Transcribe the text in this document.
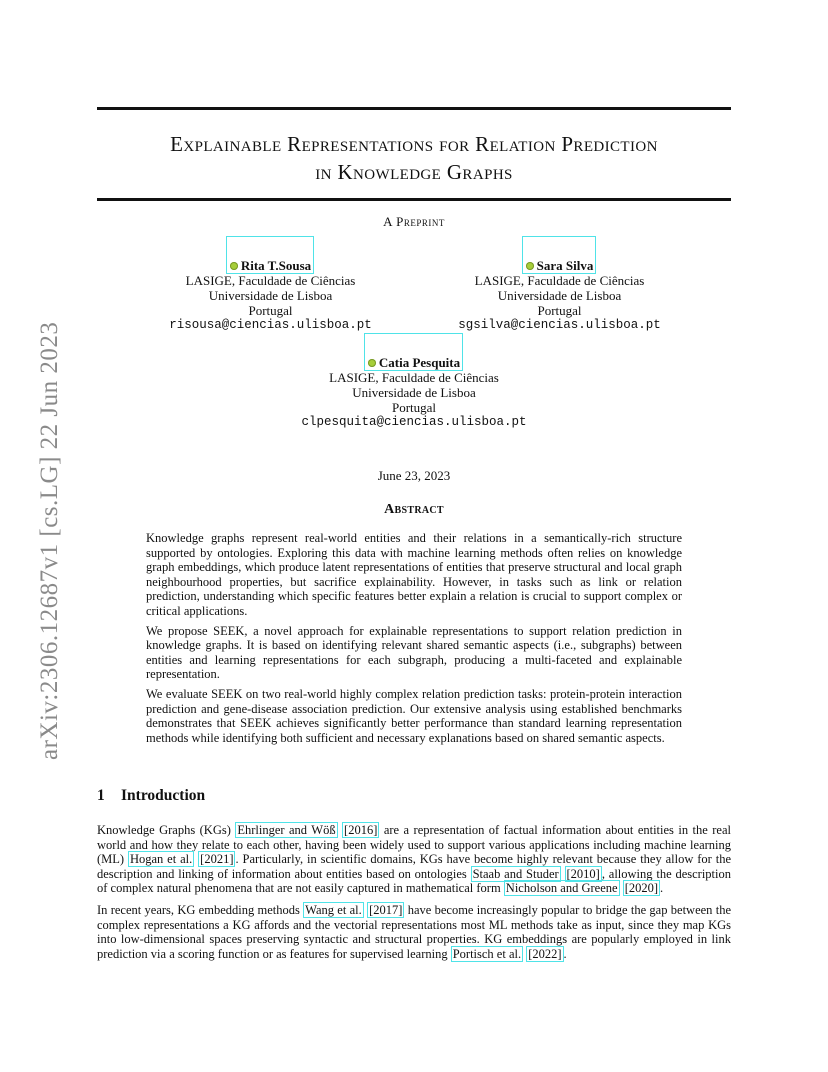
arXiv:2306.12687v1 [cs.LG] 22 Jun 2023
Explainable Representations for Relation Prediction
in Knowledge Graphs
A Preprint
Rita T.Sousa
LASIGE, Faculdade de Ciências
Universidade de Lisboa
Portugal
risousa@ciencias.ulisboa.pt
Sara Silva
LASIGE, Faculdade de Ciências
Universidade de Lisboa
Portugal
sgsilva@ciencias.ulisboa.pt
Catia Pesquita
LASIGE, Faculdade de Ciências
Universidade de Lisboa
Portugal
clpesquita@ciencias.ulisboa.pt
June 23, 2023
Abstract

Knowledge graphs represent real-world entities and their relations in a semantically-rich structure supported by ontologies. Exploring this data with machine learning methods often relies on knowledge graph embeddings, which produce latent representations of entities that preserve structural and local graph neighbourhood properties, but sacrifice explainability. However, in tasks such as link or relation prediction, understanding which specific features better explain a relation is crucial to support complex or critical applications.

We propose SEEK, a novel approach for explainable representations to support relation prediction in knowledge graphs. It is based on identifying relevant shared semantic aspects (i.e., subgraphs) between entities and learning representations for each subgraph, producing a multi-faceted and explainable representation.

We evaluate SEEK on two real-world highly complex relation prediction tasks: protein-protein interaction prediction and gene-disease association prediction. Our extensive analysis using established benchmarks demonstrates that SEEK achieves significantly better performance than standard learning representation methods while identifying both sufficient and necessary explanations based on shared semantic aspects.

1 Introduction

Knowledge Graphs (KGs) Ehrlinger and Wöß [2016] are a representation of factual information about entities in the real world and how they relate to each other, having been widely used to support various applications including machine learning (ML) Hogan et al. [2021] . Particularly, in scientific domains, KGs have become highly relevant because they allow for the description and linking of information about entities based on ontologies Staab and Studer [2010] , allowing the description of complex natural phenomena that are not easily captured in mathematical form Nicholson and Greene [2020] .

In recent years, KG embedding methods Wang et al. [2017] have become increasingly popular to bridge the gap between the complex representations a KG affords and the vectorial representations most ML methods take as input, since they map KGs into low-dimensional spaces preserving syntactic and structural properties. KG embeddings are popularly employed in link prediction via a scoring function or as features for supervised learning Portisch et al. [2022] .
